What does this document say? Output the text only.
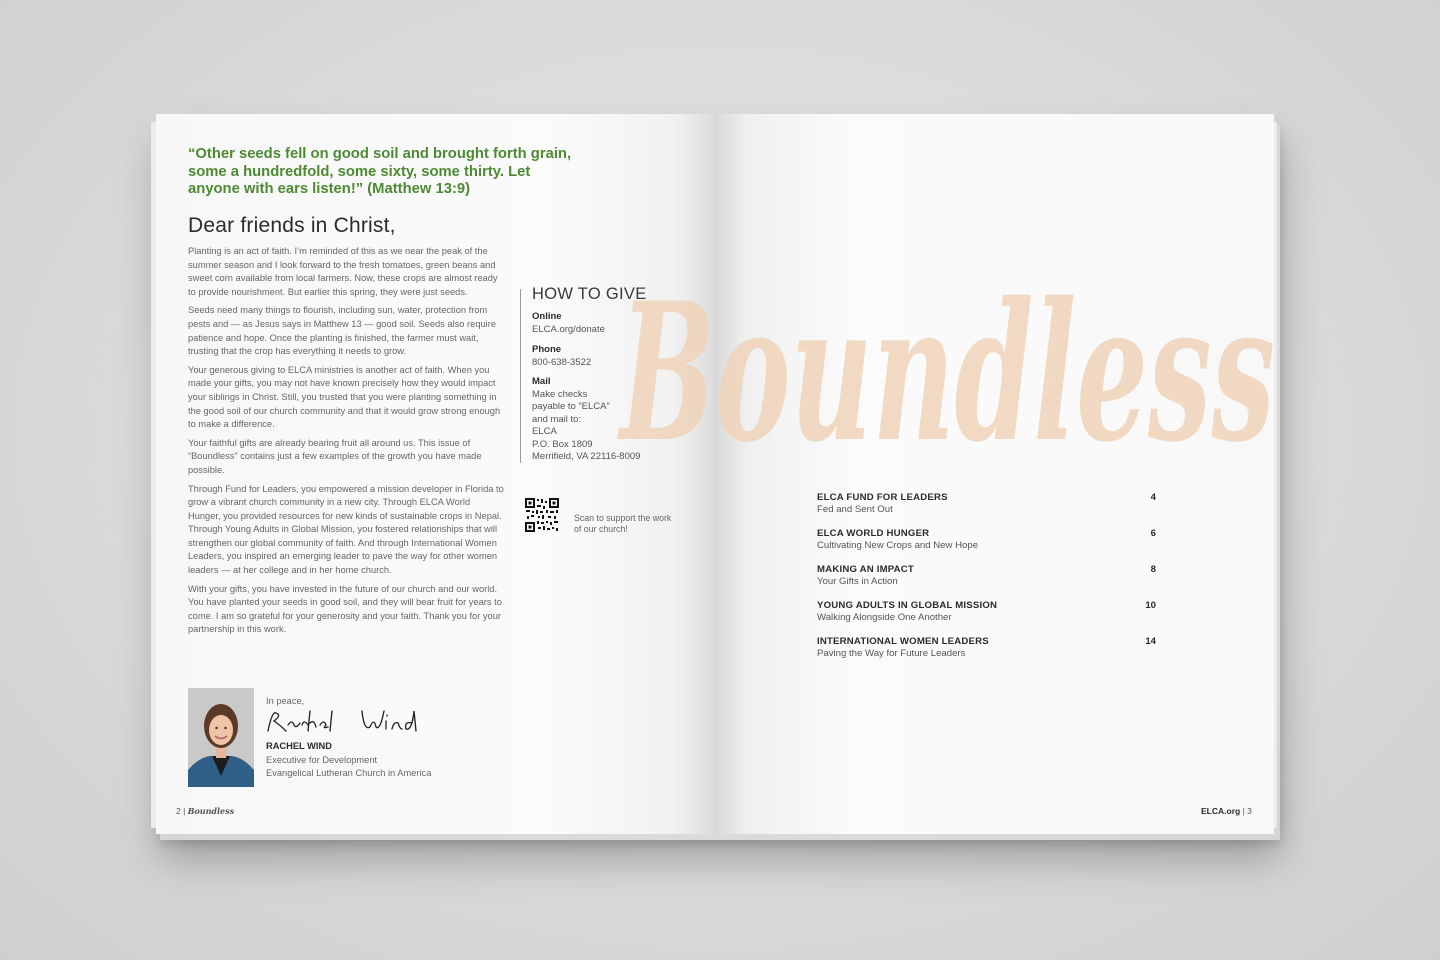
“Other seeds fell on good soil and brought forth grain, some a hundredfold, some sixty, some thirty. Let anyone with ears listen!” (Matthew 13:9)
Dear friends in Christ,

Planting is an act of faith. I’m reminded of this as we near the peak of the summer season and I look forward to the fresh tomatoes, green beans and sweet corn available from local farmers. Now, these crops are almost ready to provide nourishment. But earlier this spring, they were just seeds.

Seeds need many things to flourish, including sun, water, protection from pests and — as Jesus says in Matthew 13 — good soil. Seeds also require patience and hope. Once the planting is finished, the farmer must wait, trusting that the crop has everything it needs to grow.

Your generous giving to ELCA ministries is another act of faith. When you made your gifts, you may not have known precisely how they would impact your siblings in Christ. Still, you trusted that you were planting something in the good soil of our church community and that it would grow strong enough to make a difference.

Your faithful gifts are already bearing fruit all around us. This issue of “Boundless” contains just a few examples of the growth you have made possible.

Through Fund for Leaders, you empowered a mission developer in Florida to grow a vibrant church community in a new city. Through ELCA World Hunger, you provided resources for new kinds of sustainable crops in Nepal. Through Young Adults in Global Mission, you fostered relationships that will strengthen our global community of faith. And through International Women Leaders, you inspired an emerging leader to pave the way for other women leaders — at her college and in her home church.

With your gifts, you have invested in the future of our church and our world. You have planted your seeds in good soil, and they will bear fruit for years to come. I am so grateful for your generosity and your faith. Thank you for your partnership in this work.

In peace,
RACHEL WIND
Executive for Development
Evangelical Lutheran Church in America
HOW TO GIVE
Online
ELCA.org/donate
Phone
800-638-3522
Mail
Make checks
payable to “ELCA”
and mail to:
ELCA
P.O. Box 1809
Merrifield, VA 22116-8009
Scan to support the work of our church!
Boundless
ELCA FUND FOR LEADERS
Fed and Sent Out
4
ELCA WORLD HUNGER
Cultivating New Crops and New Hope
6
MAKING AN IMPACT
Your Gifts in Action
8
YOUNG ADULTS IN GLOBAL MISSION
Walking Alongside One Another
10
INTERNATIONAL WOMEN LEADERS
Paving the Way for Future Leaders
14
2 | Boundless	ELCA.org | 3
